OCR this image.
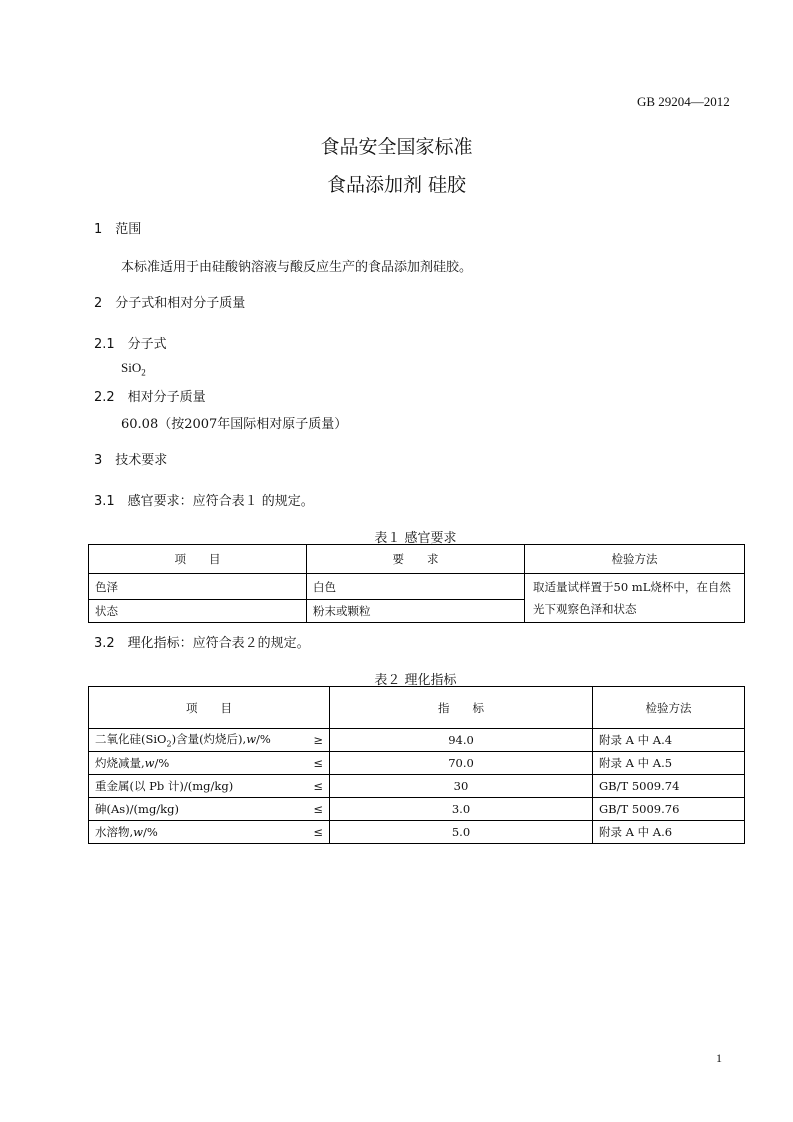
GB 29204—2012
食品安全国家标准
食品添加剂 硅胶
1　范围
本标准适用于由硅酸钠溶液与酸反应生产的食品添加剂硅胶。
2　分子式和相对分子质量
2.1　分子式
SiO$_2$
2.2　相对分子质量
60.08（按2007年国际相对原子质量）
3　技术要求
3.1　感官要求：应符合表１ 的规定。
表１ 感官要求
项　　目	要　　求	检验方法
色泽	白色	取适量试样置于50 mL烧杯中，在自然光下观察色泽和状态
状态	粉末或颗粒	
3.2　理化指标：应符合表２的规定。
表２ 理化指标
项　　目	指　　标	检验方法

二氧化硅(SiO$_2$)含量(灼烧后),w/% ≥	94.0	附录 A 中 A.4

灼烧减量,w/% ≤	70.0	附录 A 中 A.5

重金属(以 Pb 计)/(mg/kg) ≤	30	GB/T 5009.74

砷(As)/(mg/kg) ≤	3.0	GB/T 5009.76

水溶物,w/% ≤	5.0	附录 A 中 A.6
1
